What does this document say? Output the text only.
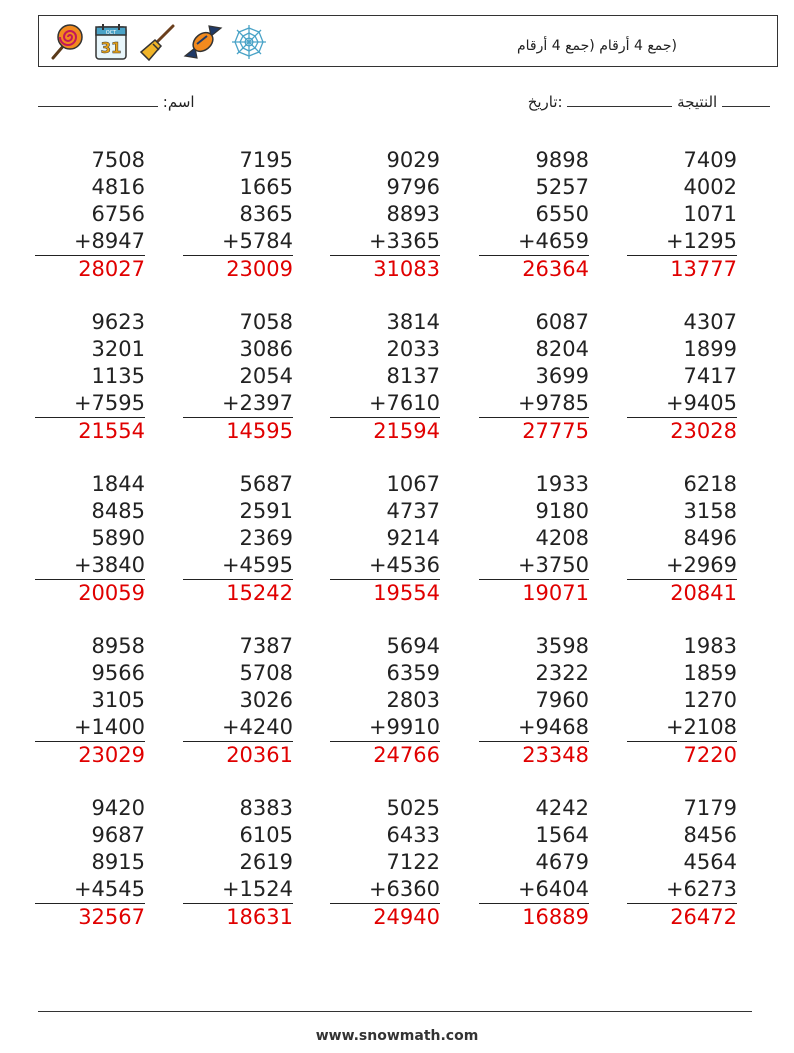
OCT
31	(جمع 4 أرقام (جمع 4 أرقام
:اسم	النتيجة  :تاريخ
7508
4816
6756
+8947
28027
7195
1665
8365
+5784
23009
9029
9796
8893
+3365
31083
9898
5257
6550
+4659
26364
7409
4002
1071
+1295
13777
9623
3201
1135
+7595
21554
7058
3086
2054
+2397
14595
3814
2033
8137
+7610
21594
6087
8204
3699
+9785
27775
4307
1899
7417
+9405
23028
1844
8485
5890
+3840
20059
5687
2591
2369
+4595
15242
1067
4737
9214
+4536
19554
1933
9180
4208
+3750
19071
6218
3158
8496
+2969
20841
8958
9566
3105
+1400
23029
7387
5708
3026
+4240
20361
5694
6359
2803
+9910
24766
3598
2322
7960
+9468
23348
1983
1859
1270
+2108
7220
9420
9687
8915
+4545
32567
8383
6105
2619
+1524
18631
5025
6433
7122
+6360
24940
4242
1564
4679
+6404
16889
7179
8456
4564
+6273
26472
www.snowmath.com
